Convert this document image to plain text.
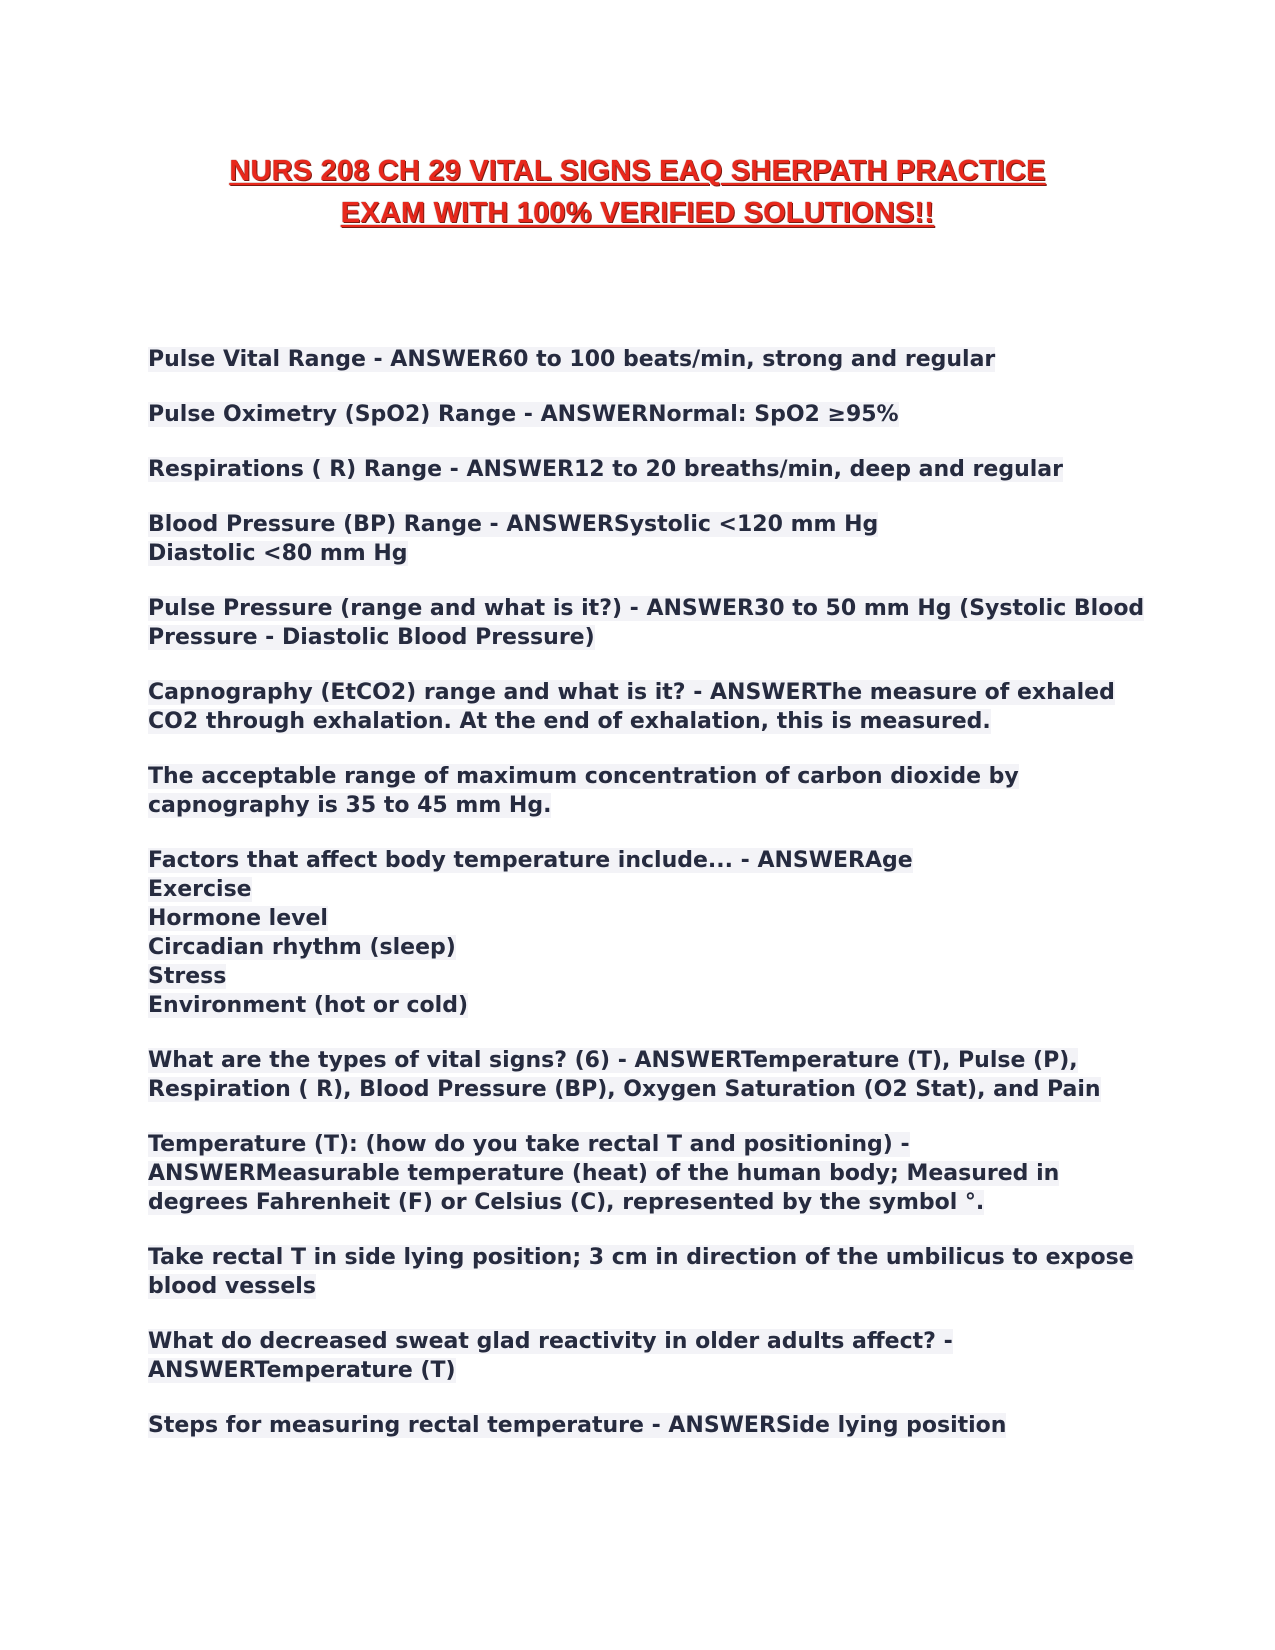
NURS 208 CH 29 VITAL SIGNS EAQ SHERPATH PRACTICE
EXAM WITH 100% VERIFIED SOLUTIONS!!
Pulse Vital Range - ANSWER60 to 100 beats/min, strong and regular
Pulse Oximetry (SpO2) Range - ANSWERNormal: SpO2 ≥95%
Respirations ( R) Range - ANSWER12 to 20 breaths/min, deep and regular
Blood Pressure (BP) Range - ANSWERSystolic <120 mm Hg
Diastolic <80 mm Hg
Pulse Pressure (range and what is it?) - ANSWER30 to 50 mm Hg (Systolic Blood Pressure - Diastolic Blood Pressure)
Capnography (EtCO2) range and what is it? - ANSWERThe measure of exhaled CO2 through exhalation. At the end of exhalation, this is measured.
The acceptable range of maximum concentration of carbon dioxide by capnography is 35 to 45 mm Hg.
Factors that affect body temperature include... - ANSWERAge
Exercise
Hormone level
Circadian rhythm (sleep)
Stress
Environment (hot or cold)
What are the types of vital signs? (6) - ANSWERTemperature (T), Pulse (P), Respiration ( R), Blood Pressure (BP), Oxygen Saturation (O2 Stat), and Pain
Temperature (T): (how do you take rectal T and positioning) - ANSWERMeasurable temperature (heat) of the human body; Measured in degrees Fahrenheit (F) or Celsius (C), represented by the symbol °.
Take rectal T in side lying position; 3 cm in direction of the umbilicus to expose blood vessels
What do decreased sweat glad reactivity in older adults affect? - ANSWERTemperature (T)
Steps for measuring rectal temperature - ANSWERSide lying position
